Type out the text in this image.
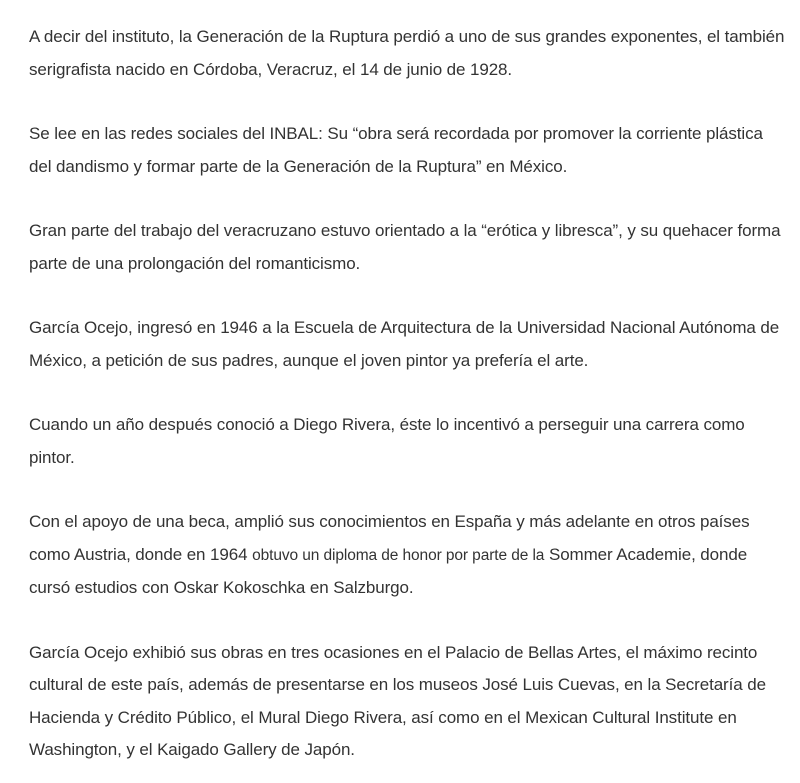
A decir del instituto, la Generación de la Ruptura perdió a uno de sus grandes exponentes, el también serigrafista nacido en Córdoba, Veracruz, el 14 de junio de 1928.

Se lee en las redes sociales del INBAL: Su “obra será recordada por promover la corriente plástica del dandismo y formar parte de la Generación de la Ruptura” en México.

Gran parte del trabajo del veracruzano estuvo orientado a la “erótica y libresca”, y su quehacer forma parte de una prolongación del romanticismo.

García Ocejo, ingresó en 1946 a la Escuela de Arquitectura de la Universidad Nacional Autónoma de México, a petición de sus padres, aunque el joven pintor ya prefería el arte.

Cuando un año después conoció a Diego Rivera, éste lo incentivó a perseguir una carrera como pintor.

Con el apoyo de una beca, amplió sus conocimientos en España y más adelante en otros países como Austria, donde en 1964 obtuvo un diploma de honor por parte de la Sommer Academie, donde cursó estudios con Oskar Kokoschka en Salzburgo.

García Ocejo exhibió sus obras en tres ocasiones en el Palacio de Bellas Artes, el máximo recinto cultural de este país, además de presentarse en los museos José Luis Cuevas, en la Secretaría de Hacienda y Crédito Público, el Mural Diego Rivera, así como en el Mexican Cultural Institute en Washington, y el Kaigado Gallery de Japón.
